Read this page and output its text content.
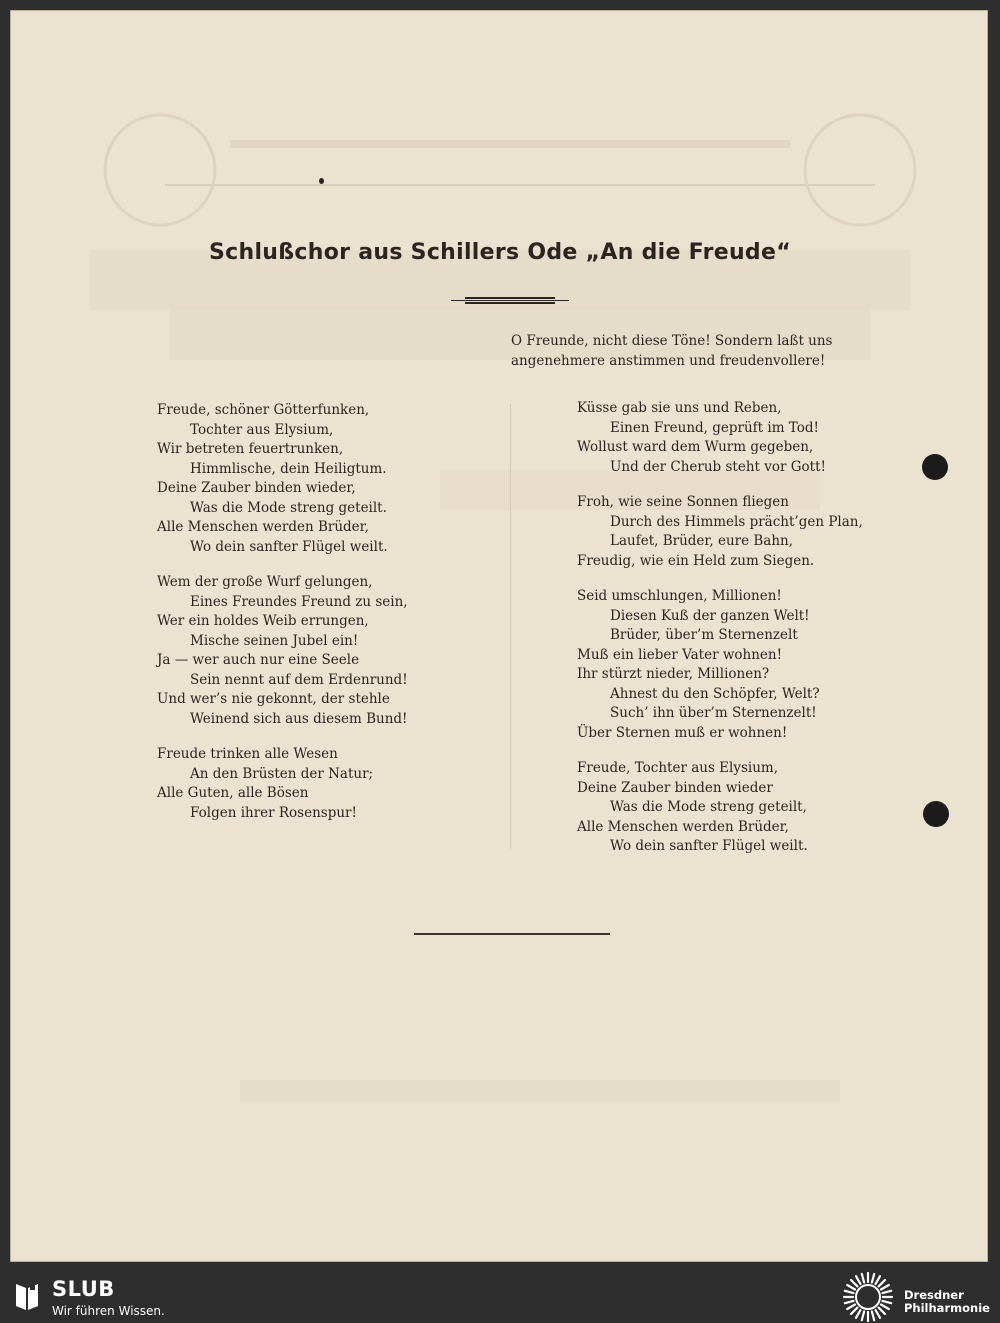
Schlußchor aus Schillers Ode „An die Freude“
O Freunde, nicht diese Töne! Sondern laßt uns
angenehmere anstimmen und freudenvollere!
Freude, schöner Götterfunken,
Tochter aus Elysium,
Wir betreten feuertrunken,
Himmlische, dein Heiligtum.
Deine Zauber binden wieder,
Was die Mode streng geteilt.
Alle Menschen werden Brüder,
Wo dein sanfter Flügel weilt.
Wem der große Wurf gelungen,
Eines Freundes Freund zu sein,
Wer ein holdes Weib errungen,
Mische seinen Jubel ein!
Ja — wer auch nur eine Seele
Sein nennt auf dem Erdenrund!
Und wer’s nie gekonnt, der stehle
Weinend sich aus diesem Bund!
Freude trinken alle Wesen
An den Brüsten der Natur;
Alle Guten, alle Bösen
Folgen ihrer Rosenspur!
Küsse gab sie uns und Reben,
Einen Freund, geprüft im Tod!
Wollust ward dem Wurm gegeben,
Und der Cherub steht vor Gott!
Froh, wie seine Sonnen fliegen
Durch des Himmels prächt’gen Plan,
Laufet, Brüder, eure Bahn,
Freudig, wie ein Held zum Siegen.
Seid umschlungen, Millionen!
Diesen Kuß der ganzen Welt!
Brüder, über’m Sternenzelt
Muß ein lieber Vater wohnen!
Ihr stürzt nieder, Millionen?
Ahnest du den Schöpfer, Welt?
Such’ ihn über’m Sternenzelt!
Über Sternen muß er wohnen!
Freude, Tochter aus Elysium,
Deine Zauber binden wieder
Was die Mode streng geteilt,
Alle Menschen werden Brüder,
Wo dein sanfter Flügel weilt.
SLUB
Wir führen Wissen.
Dresdner
Philharmonie
